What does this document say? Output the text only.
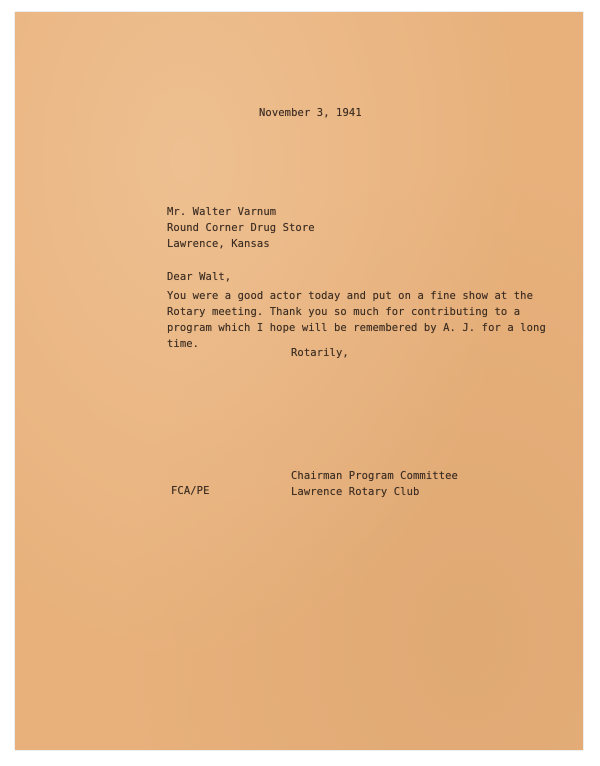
November 3, 1941
Mr. Walter Varnum
Round Corner Drug Store
Lawrence, Kansas
Dear Walt,
You were a good actor today and put on a fine show at the
Rotary meeting. Thank you so much for contributing to a
program which I hope will be remembered by A. J. for a long
time.
Rotarily,
Chairman Program Committee
Lawrence Rotary Club
FCA/PE
